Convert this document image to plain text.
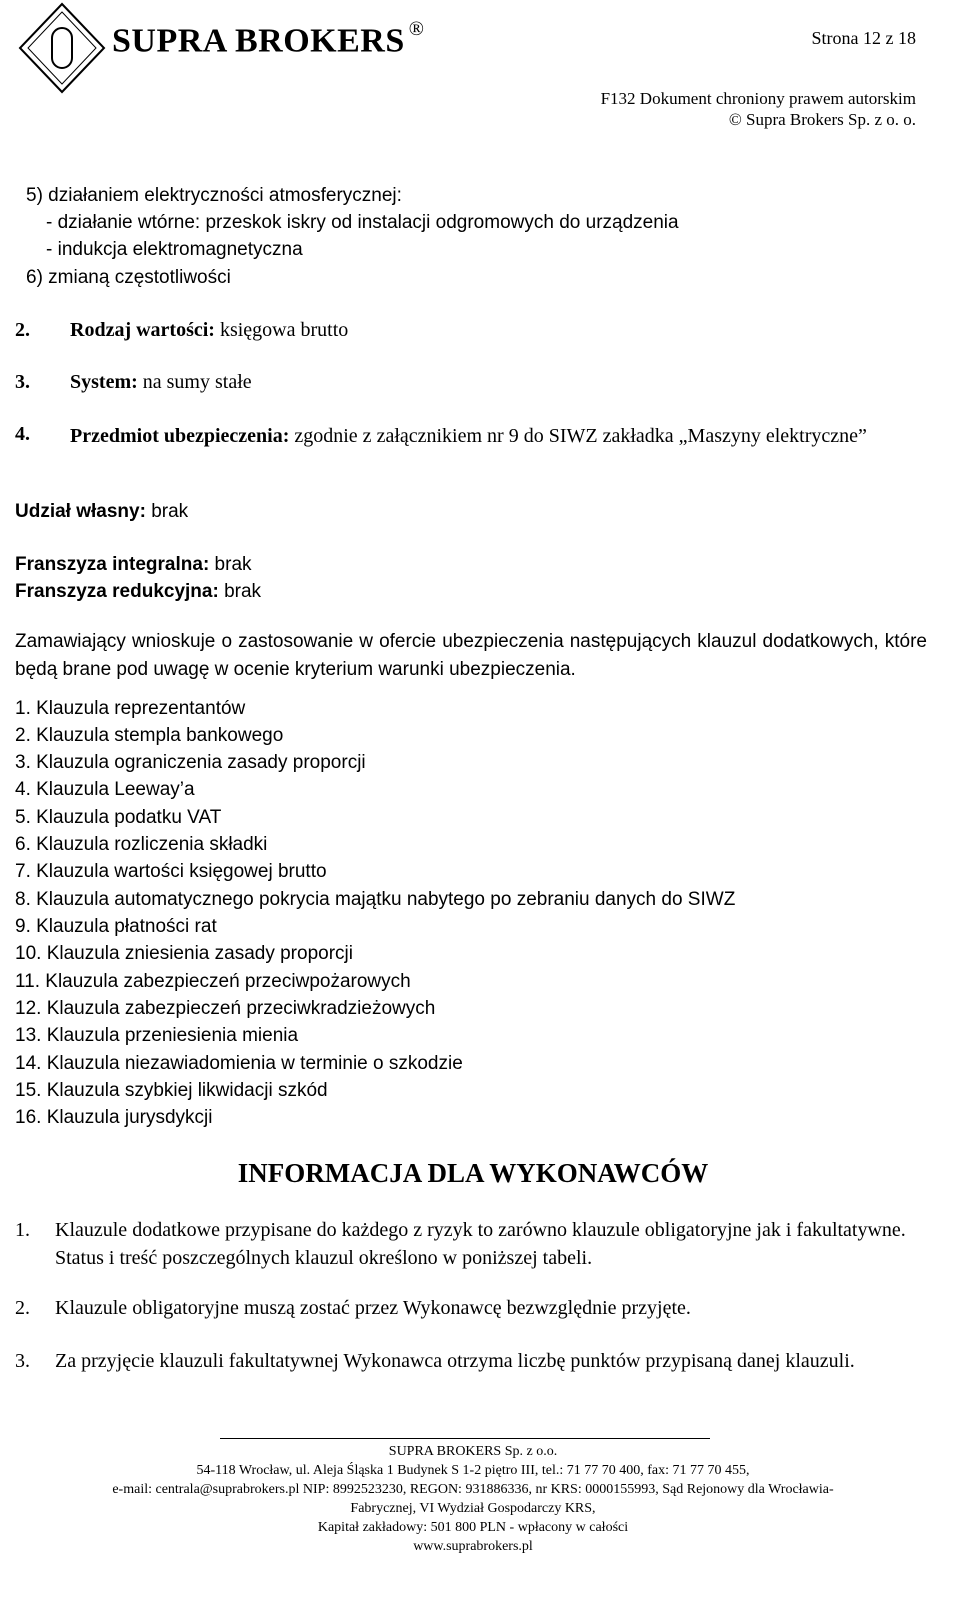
SUPRA BROKERS ®	Strona 12 z 18
F132 Dokument chroniony prawem autorskim
© Supra Brokers Sp. z o. o.
5) działaniem elektryczności atmosferycznej:
- działanie wtórne: przeskok iskry od instalacji odgromowych do urządzenia
- indukcja elektromagnetyczna
6) zmianą częstotliwości
2. Rodzaj wartości: księgowa brutto
3. System: na sumy stałe
4. Przedmiot ubezpieczenia: zgodnie z załącznikiem nr 9 do SIWZ zakładka „Maszyny elektryczne”
Udział własny: brak
Franszyza integralna: brak
Franszyza redukcyjna: brak
Zamawiający wnioskuje o zastosowanie w ofercie ubezpieczenia następujących klauzul dodatkowych, które będą brane pod uwagę w ocenie kryterium warunki ubezpieczenia.
1. Klauzula reprezentantów
2. Klauzula stempla bankowego
3. Klauzula ograniczenia zasady proporcji
4. Klauzula Leeway’a
5. Klauzula podatku VAT
6. Klauzula rozliczenia składki
7. Klauzula wartości księgowej brutto
8. Klauzula automatycznego pokrycia majątku nabytego po zebraniu danych do SIWZ
9. Klauzula płatności rat
10. Klauzula zniesienia zasady proporcji
11. Klauzula zabezpieczeń przeciwpożarowych
12. Klauzula zabezpieczeń przeciwkradzieżowych
13. Klauzula przeniesienia mienia
14. Klauzula niezawiadomienia w terminie o szkodzie
15. Klauzula szybkiej likwidacji szkód
16. Klauzula jurysdykcji
INFORMACJA DLA WYKONAWCÓW
1. Klauzule dodatkowe przypisane do każdego z ryzyk to zarówno klauzule obligatoryjne jak i fakultatywne. Status i treść poszczególnych klauzul określono w poniższej tabeli.
2. Klauzule obligatoryjne muszą zostać przez Wykonawcę bezwzględnie przyjęte.
3. Za przyjęcie klauzuli fakultatywnej Wykonawca otrzyma liczbę punktów przypisaną danej klauzuli.
SUPRA BROKERS Sp. z o.o.
54-118 Wrocław, ul. Aleja Śląska 1 Budynek S 1-2 piętro III, tel.: 71 77 70 400, fax: 71 77 70 455,
e-mail: centrala@suprabrokers.pl NIP: 8992523230, REGON: 931886336, nr KRS: 0000155993, Sąd Rejonowy dla Wrocławia-
Fabrycznej, VI Wydział Gospodarczy KRS,
Kapitał zakładowy: 501 800 PLN - wpłacony w całości
www.suprabrokers.pl
